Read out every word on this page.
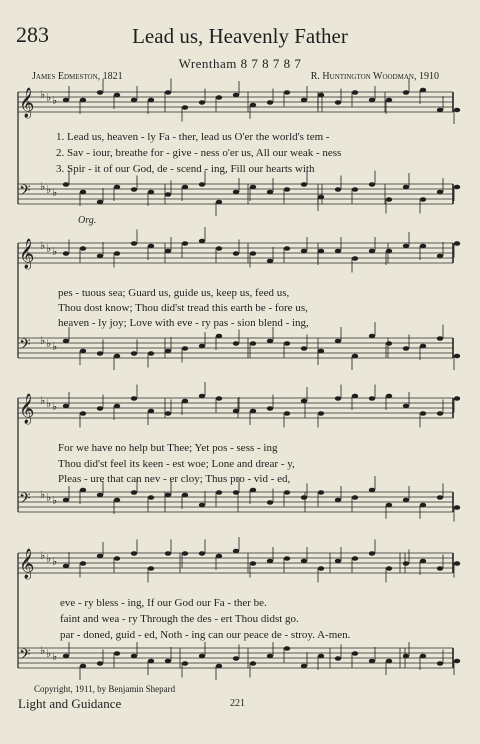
283	Lead us, Heavenly Father
Wrentham 8 7 8 7 8 7
James Edmeston, 1821	R. Huntington Woodman, 1910
𝄞 ♭ ♭ ♭
𝄢 ♭ ♭ ♭
𝄞 ♭ ♭ ♭
𝄢 ♭ ♭ ♭
𝄞 ♭ ♭ ♭
𝄢 ♭ ♭ ♭
𝄞 ♭ ♭ ♭
𝄢 ♭ ♭ ♭
Org.
1. Lead us, heaven - ly Fa - ther, lead us O'er the world's tem -
2. Sav - iour, breathe for - give - ness o'er us, All our weak - ness
3. Spir - it of our God, de - scend - ing, Fill our hearts with
pes - tuous sea; Guard us, guide us, keep us, feed us,
Thou dost know; Thou did'st tread this earth be - fore us,
heaven - ly joy; Love with eve - ry pas - sion blend - ing,
For we have no help but Thee; Yet pos - sess - ing
Thou did'st feel its keen - est woe; Lone and drear - y,
Pleas - ure that can nev - er cloy; Thus pro - vid - ed,
eve - ry bless - ing, If our God our Fa - ther be.
faint and wea - ry Through the des - ert Thou didst go.
par - doned, guid - ed, Noth - ing can our peace de - stroy. A-men.
Copyright, 1911, by Benjamin Shepard
Light and Guidance	221
